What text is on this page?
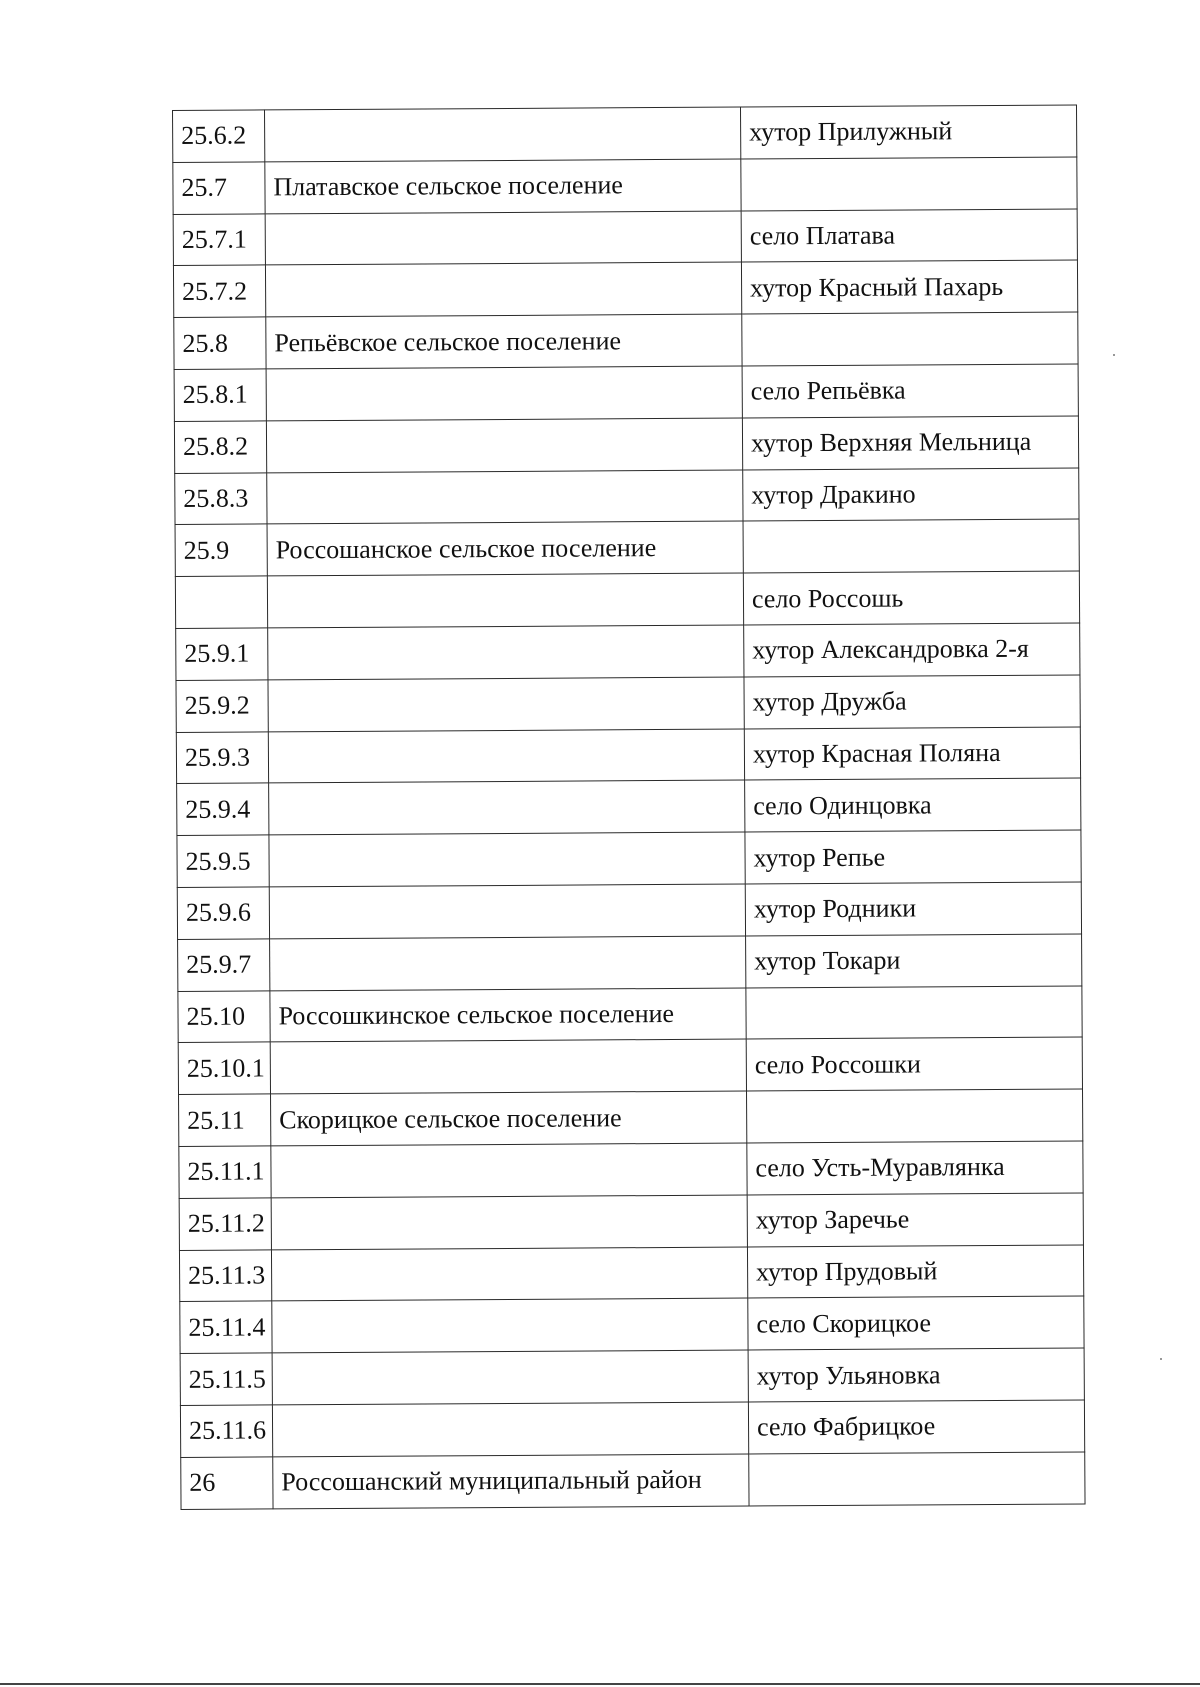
25.6.2		хутор Прилужный
25.7	Платавское сельское поселение	
25.7.1		село Платава
25.7.2		хутор Красный Пахарь
25.8	Репьёвское сельское поселение	
25.8.1		село Репьёвка
25.8.2		хутор Верхняя Мельница
25.8.3		хутор Дракино
25.9	Россошанское сельское поселение	
		село Россошь
25.9.1		хутор Александровка 2-я
25.9.2		хутор Дружба
25.9.3		хутор Красная Поляна
25.9.4		село Одинцовка
25.9.5		хутор Репье
25.9.6		хутор Родники
25.9.7		хутор Токари
25.10	Россошкинское сельское поселение	
25.10.1		село Россошки
25.11	Скорицкое сельское поселение	
25.11.1		село Усть-Муравлянка
25.11.2		хутор Заречье
25.11.3		хутор Прудовый
25.11.4		село Скорицкое
25.11.5		хутор Ульяновка
25.11.6		село Фабрицкое
26	Россошанский муниципальный район	
